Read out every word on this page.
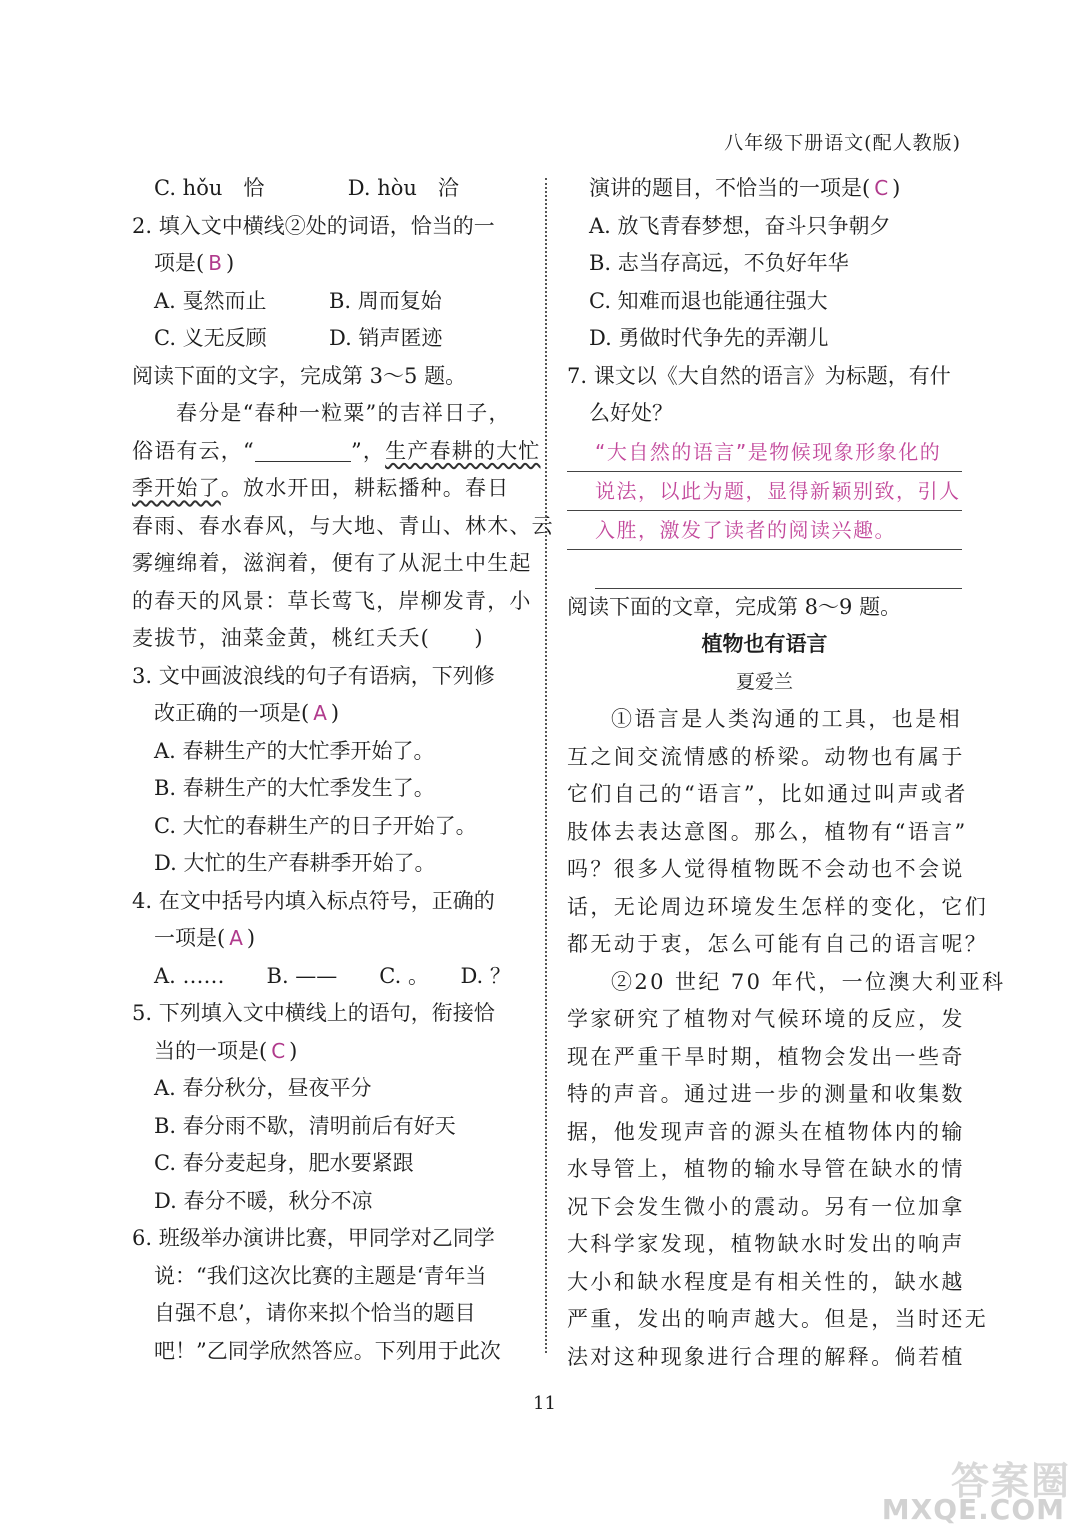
八年级下册语文(配人教版)
C. hǒu　恰	D. hòu　洽
2. 填入文中横线②处的词语，恰当的一
项是( B )
A. 戛然而止	B. 周而复始
C. 义无反顾	D. 销声匿迹
阅读下面的文字，完成第 3～5 题。
春分是“春种一粒粟”的吉祥日子，
俗语有云，“	”，生产春耕的大忙
季开始了。放水开田，耕耘播种。春日
春雨、春水春风，与大地、青山、林木、云
雾缠绵着，滋润着，便有了从泥土中生起
的春天的风景：草长莺飞，岸柳发青，小
麦拔节，油菜金黄，桃红夭夭(　　)
3. 文中画波浪线的句子有语病，下列修
改正确的一项是( A )
A. 春耕生产的大忙季开始了。
B. 春耕生产的大忙季发生了。
C. 大忙的春耕生产的日子开始了。
D. 大忙的生产春耕季开始了。
4. 在文中括号内填入标点符号，正确的
一项是( A )
A. ……　　B. ——　　C. 。　　D. ？
5. 下列填入文中横线上的语句，衔接恰
当的一项是( C )
A. 春分秋分，昼夜平分
B. 春分雨不歇，清明前后有好天
C. 春分麦起身，肥水要紧跟
D. 春分不暖，秋分不凉
6. 班级举办演讲比赛，甲同学对乙同学
说：“我们这次比赛的主题是‘青年当
自强不息’，请你来拟个恰当的题目
吧！”乙同学欣然答应。下列用于此次
演讲的题目，不恰当的一项是( C )
A. 放飞青春梦想，奋斗只争朝夕
B. 志当存高远，不负好年华
C. 知难而退也能通往强大
D. 勇做时代争先的弄潮儿
7. 课文以《大自然的语言》为标题，有什
么好处？
“大自然的语言”是物候现象形象化的
说法，以此为题，显得新颖别致，引人
入胜，激发了读者的阅读兴趣。
阅读下面的文章，完成第 8～9 题。
植物也有语言
夏爱兰
①语言是人类沟通的工具，也是相
互之间交流情感的桥梁。动物也有属于
它们自己的“语言”，比如通过叫声或者
肢体去表达意图。那么，植物有“语言”
吗？很多人觉得植物既不会动也不会说
话，无论周边环境发生怎样的变化，它们
都无动于衷，怎么可能有自己的语言呢？
②20 世纪 70 年代，一位澳大利亚科
学家研究了植物对气候环境的反应，发
现在严重干旱时期，植物会发出一些奇
特的声音。通过进一步的测量和收集数
据，他发现声音的源头在植物体内的输
水导管上，植物的输水导管在缺水的情
况下会发生微小的震动。另有一位加拿
大科学家发现，植物缺水时发出的响声
大小和缺水程度是有相关性的，缺水越
严重，发出的响声越大。但是，当时还无
法对这种现象进行合理的解释。倘若植
11
答案圈
MXQE.COM
